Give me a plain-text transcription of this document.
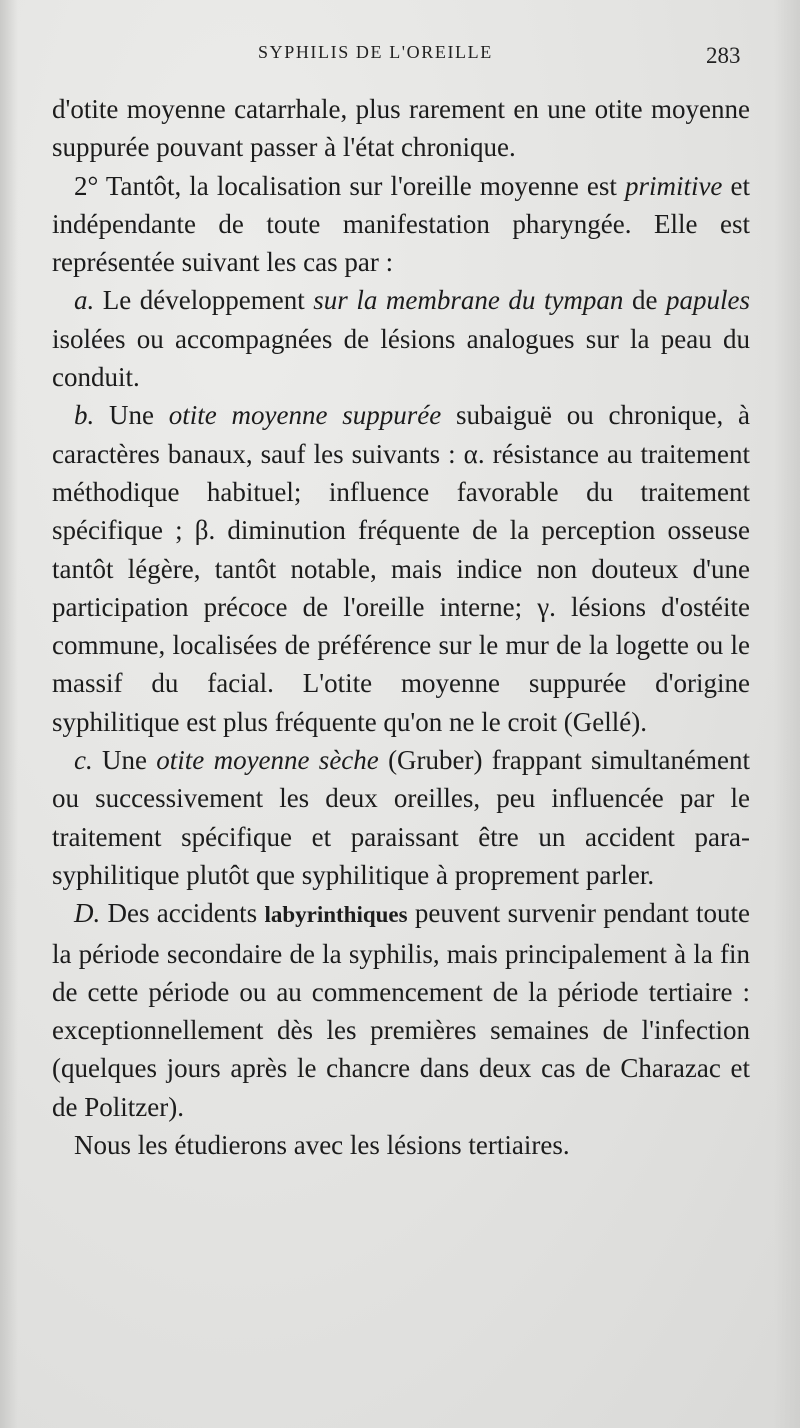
SYPHILIS DE L'OREILLE	283

d'otite moyenne catarrhale, plus rarement en une otite moyenne suppurée pouvant passer à l'état chronique.

2° Tantôt, la localisation sur l'oreille moyenne est primitive et indépendante de toute manifestation pharyngée. Elle est représentée suivant les cas par :

a. Le développement sur la membrane du tympan de papules isolées ou accompagnées de lésions analogues sur la peau du conduit.

b. Une otite moyenne suppurée subaiguë ou chronique, à caractères banaux, sauf les suivants : α. résistance au traitement méthodique habituel; influence favorable du traitement spécifique ; β. diminution fréquente de la perception osseuse tantôt légère, tantôt notable, mais indice non douteux d'une participation précoce de l'oreille interne; γ. lésions d'ostéite commune, localisées de préférence sur le mur de la logette ou le massif du facial. L'otite moyenne suppurée d'origine syphilitique est plus fréquente qu'on ne le croit (Gellé).

c. Une otite moyenne sèche (Gruber) frappant simultanément ou successivement les deux oreilles, peu influencée par le traitement spécifique et paraissant être un accident para-syphilitique plutôt que syphilitique à proprement parler.

D. Des accidents labyrinthiques peuvent survenir pendant toute la période secondaire de la syphilis, mais principalement à la fin de cette période ou au commencement de la période tertiaire : exceptionnellement dès les premières semaines de l'infection (quelques jours après le chancre dans deux cas de Charazac et de Politzer).

Nous les étudierons avec les lésions tertiaires.
